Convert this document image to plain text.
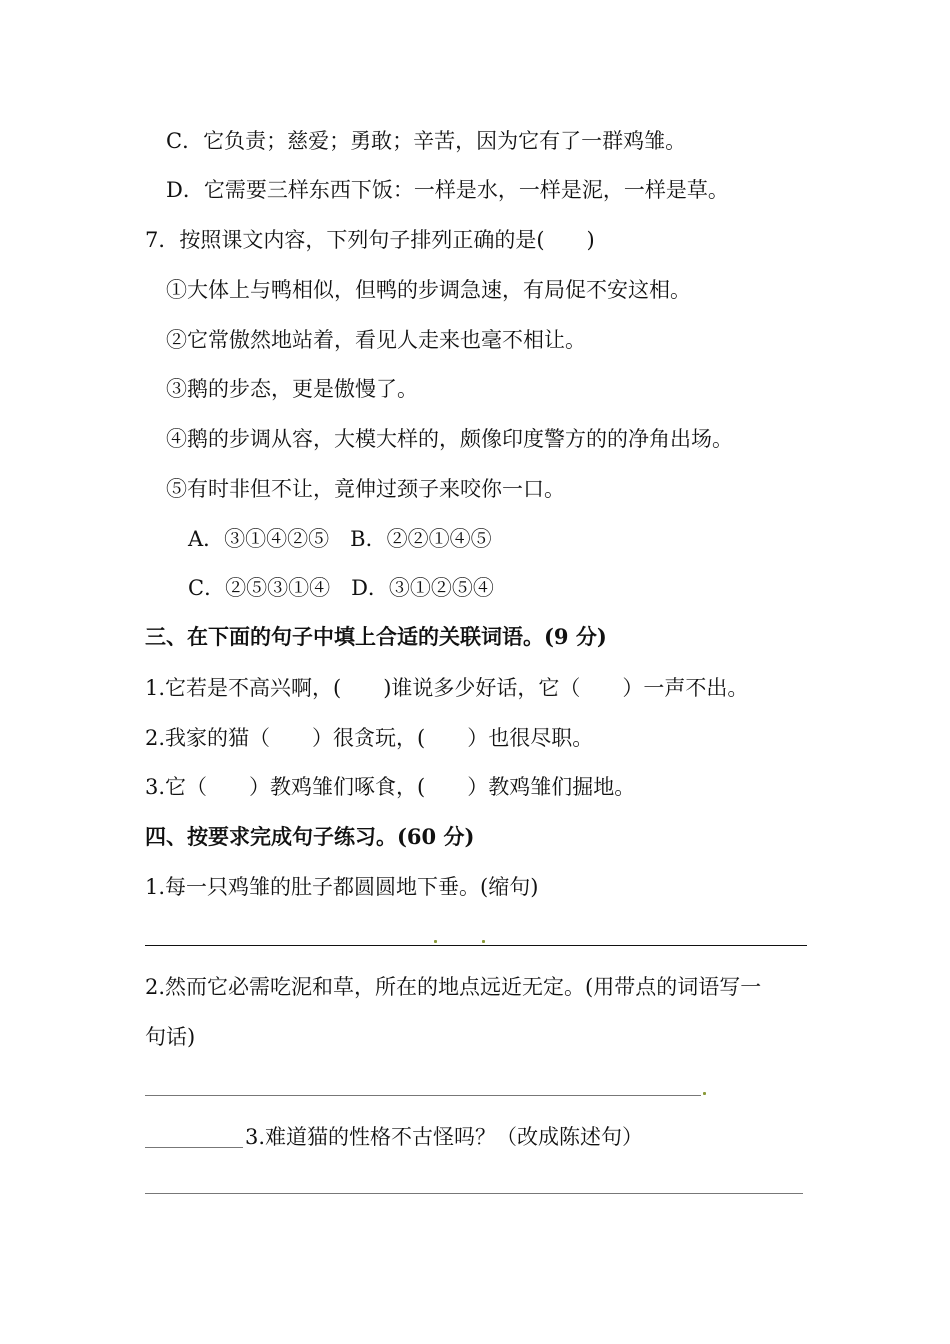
C．它负责；慈爱；勇敢；辛苦，因为它有了一群鸡雏。
D．它需要三样东西下饭：一样是水，一样是泥，一样是草。
7．按照课文内容，下列句子排列正确的是(　　)
①大体上与鸭相似，但鸭的步调急速，有局促不安这相。
②它常傲然地站着，看见人走来也毫不相让。
③鹅的步态，更是傲慢了。
④鹅的步调从容，大模大样的，颇像印度警方的的净角出场。
⑤有时非但不让，竟伸过颈子来咬你一口。
A．③①④②⑤　B．②②①④⑤
C．②⑤③①④　D．③①②⑤④
三、在下面的句子中填上合适的关联词语。(9 分)
1.它若是不高兴啊，(　　)谁说多少好话，它（　　）一声不出。
2.我家的猫（　　）很贪玩，(　　）也很尽职。
3.它（　　）教鸡雏们啄食，(　　）教鸡雏们掘地。
四、按要求完成句子练习。(60 分)
1.每一只鸡雏的肚子都圆圆地下垂。(缩句)
2.然而它必需吃泥和草，所在的地点远近无定。(用带点的词语写一
句话)
3.难道猫的性格不古怪吗？（改成陈述句）
